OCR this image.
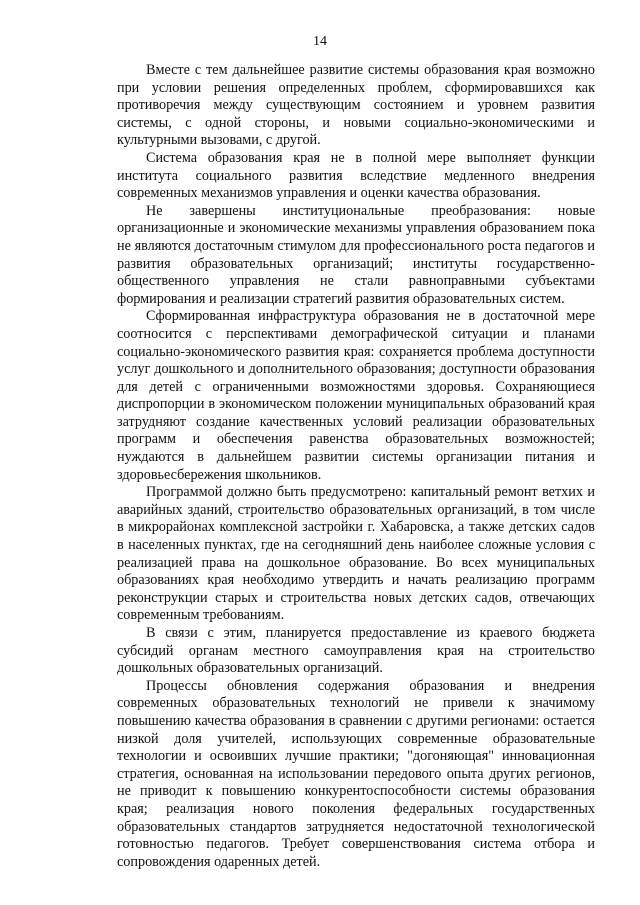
14

Вместе с тем дальнейшее развитие системы образования края возможно при условии решения определенных проблем, сформировавшихся как противоречия между существующим состоянием и уровнем развития системы, с одной стороны, и новыми социально-экономическими и культурными вызовами, с другой.

Система образования края не в полной мере выполняет функции института социального развития вследствие медленного внедрения современных механизмов управления и оценки качества образования.

Не завершены институциональные преобразования: новые организационные и экономические механизмы управления образованием пока не являются достаточным стимулом для профессионального роста педагогов и развития образовательных организаций; институты государственно-общественного управления не стали равноправными субъектами формирования и реализации стратегий развития образовательных систем.

Сформированная инфраструктура образования не в достаточной мере соотносится с перспективами демографической ситуации и планами социально-экономического развития края: сохраняется проблема доступности услуг дошкольного и дополнительного образования; доступности образования для детей с ограниченными возможностями здоровья. Сохраняющиеся диспропорции в экономическом положении муниципальных образований края затрудняют создание качественных условий реализации образовательных программ и обеспечения равенства образовательных возможностей; нуждаются в дальнейшем развитии системы организации питания и здоровьесбережения школьников.

Программой должно быть предусмотрено: капитальный ремонт ветхих и аварийных зданий, строительство образовательных организаций, в том числе в микрорайонах комплексной застройки г. Хабаровска, а также детских садов в населенных пунктах, где на сегодняшний день наиболее сложные условия с реализацией права на дошкольное образование. Во всех муниципальных образованиях края необходимо утвердить и начать реализацию программ реконструкции старых и строительства новых детских садов, отвечающих современным требованиям.

В связи с этим, планируется предоставление из краевого бюджета субсидий органам местного самоуправления края на строительство дошкольных образовательных организаций.

Процессы обновления содержания образования и внедрения современных образовательных технологий не привели к значимому повышению качества образования в сравнении с другими регионами: остается низкой доля учителей, использующих современные образовательные технологии и освоивших лучшие практики; "догоняющая" инновационная стратегия, основанная на использовании передового опыта других регионов, не приводит к повышению конкурентоспособности системы образования края; реализация нового поколения федеральных государственных образовательных стандартов затрудняется недостаточной технологической готовностью педагогов. Требует совершенствования система отбора и сопровождения одаренных детей.
